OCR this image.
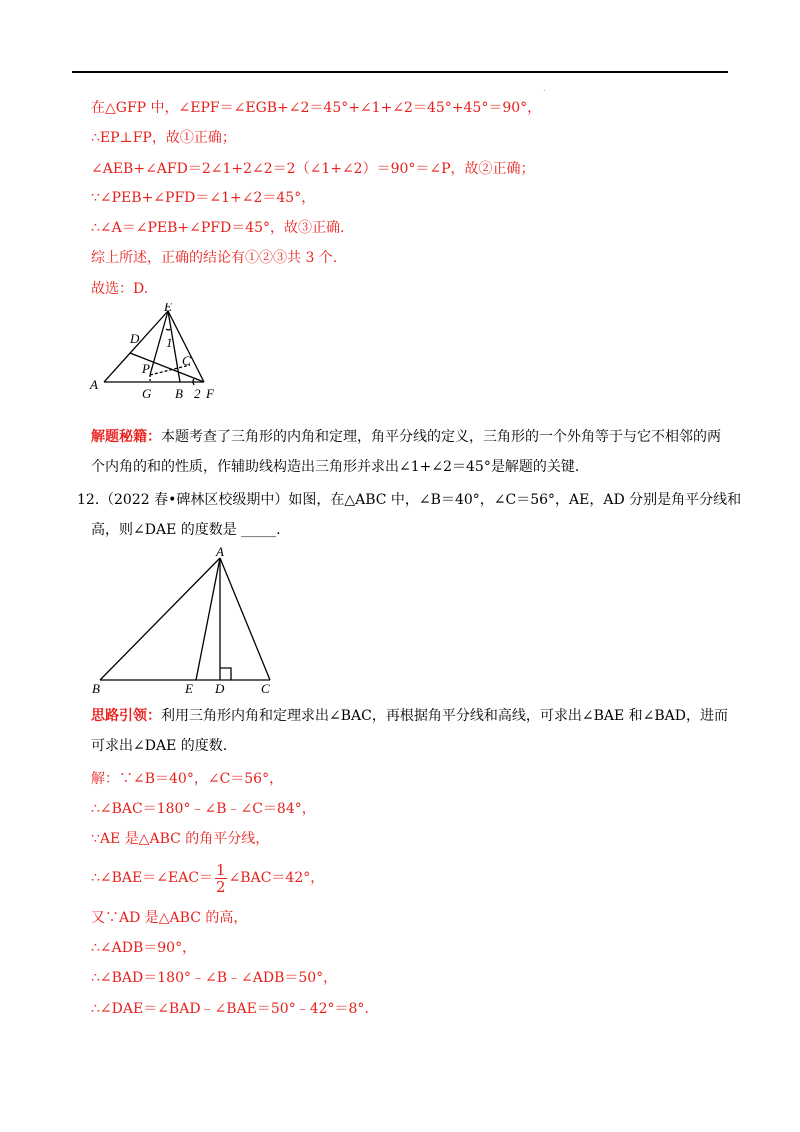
.
在△GFP 中，∠EPF＝∠EGB+∠2＝45°+∠1+∠2＝45°+45°＝90°，
∴EP⊥FP，故①正确；
∠AEB+∠AFD＝2∠1+2∠2＝2（∠1+∠2）＝90°＝∠P，故②正确；
∵∠PEB+∠PFD＝∠1+∠2＝45°，
∴∠A＝∠PEB+∠PFD＝45°，故③正确.
综上所述，正确的结论有①②③共 3 个.
故选：D.
E
D 1
C
P
A
G B 2 F
解题秘籍：本题考查了三角形的内角和定理，角平分线的定义，三角形的一个外角等于与它不相邻的两
个内角的和的性质，作辅助线构造出三角形并求出∠1+∠2＝45°是解题的关键.
12．
（2022 春•碑林区校级期中）如图，在△ABC 中，∠B＝40°，∠C＝56°，AE，AD 分别是角平分线和
高，则∠DAE 的度数是 _____.
A
B	E D	C
思路引领：利用三角形内角和定理求出∠BAC，再根据角平分线和高线，可求出∠BAE 和∠BAD，进而
可求出∠DAE 的度数.
解：∵∠B＝40°，∠C＝56°，
∴∠BAC＝180°﹣∠B﹣∠C＝84°，
∵AE 是△ABC 的角平分线，
∴∠BAE＝∠EAC＝ $\frac{1}{2}$ ∠BAC＝42°，
又∵AD 是△ABC 的高，
∴∠ADB＝90°，
∴∠BAD＝180°﹣∠B﹣∠ADB＝50°，
∴∠DAE＝∠BAD﹣∠BAE＝50°﹣42°＝8°.
